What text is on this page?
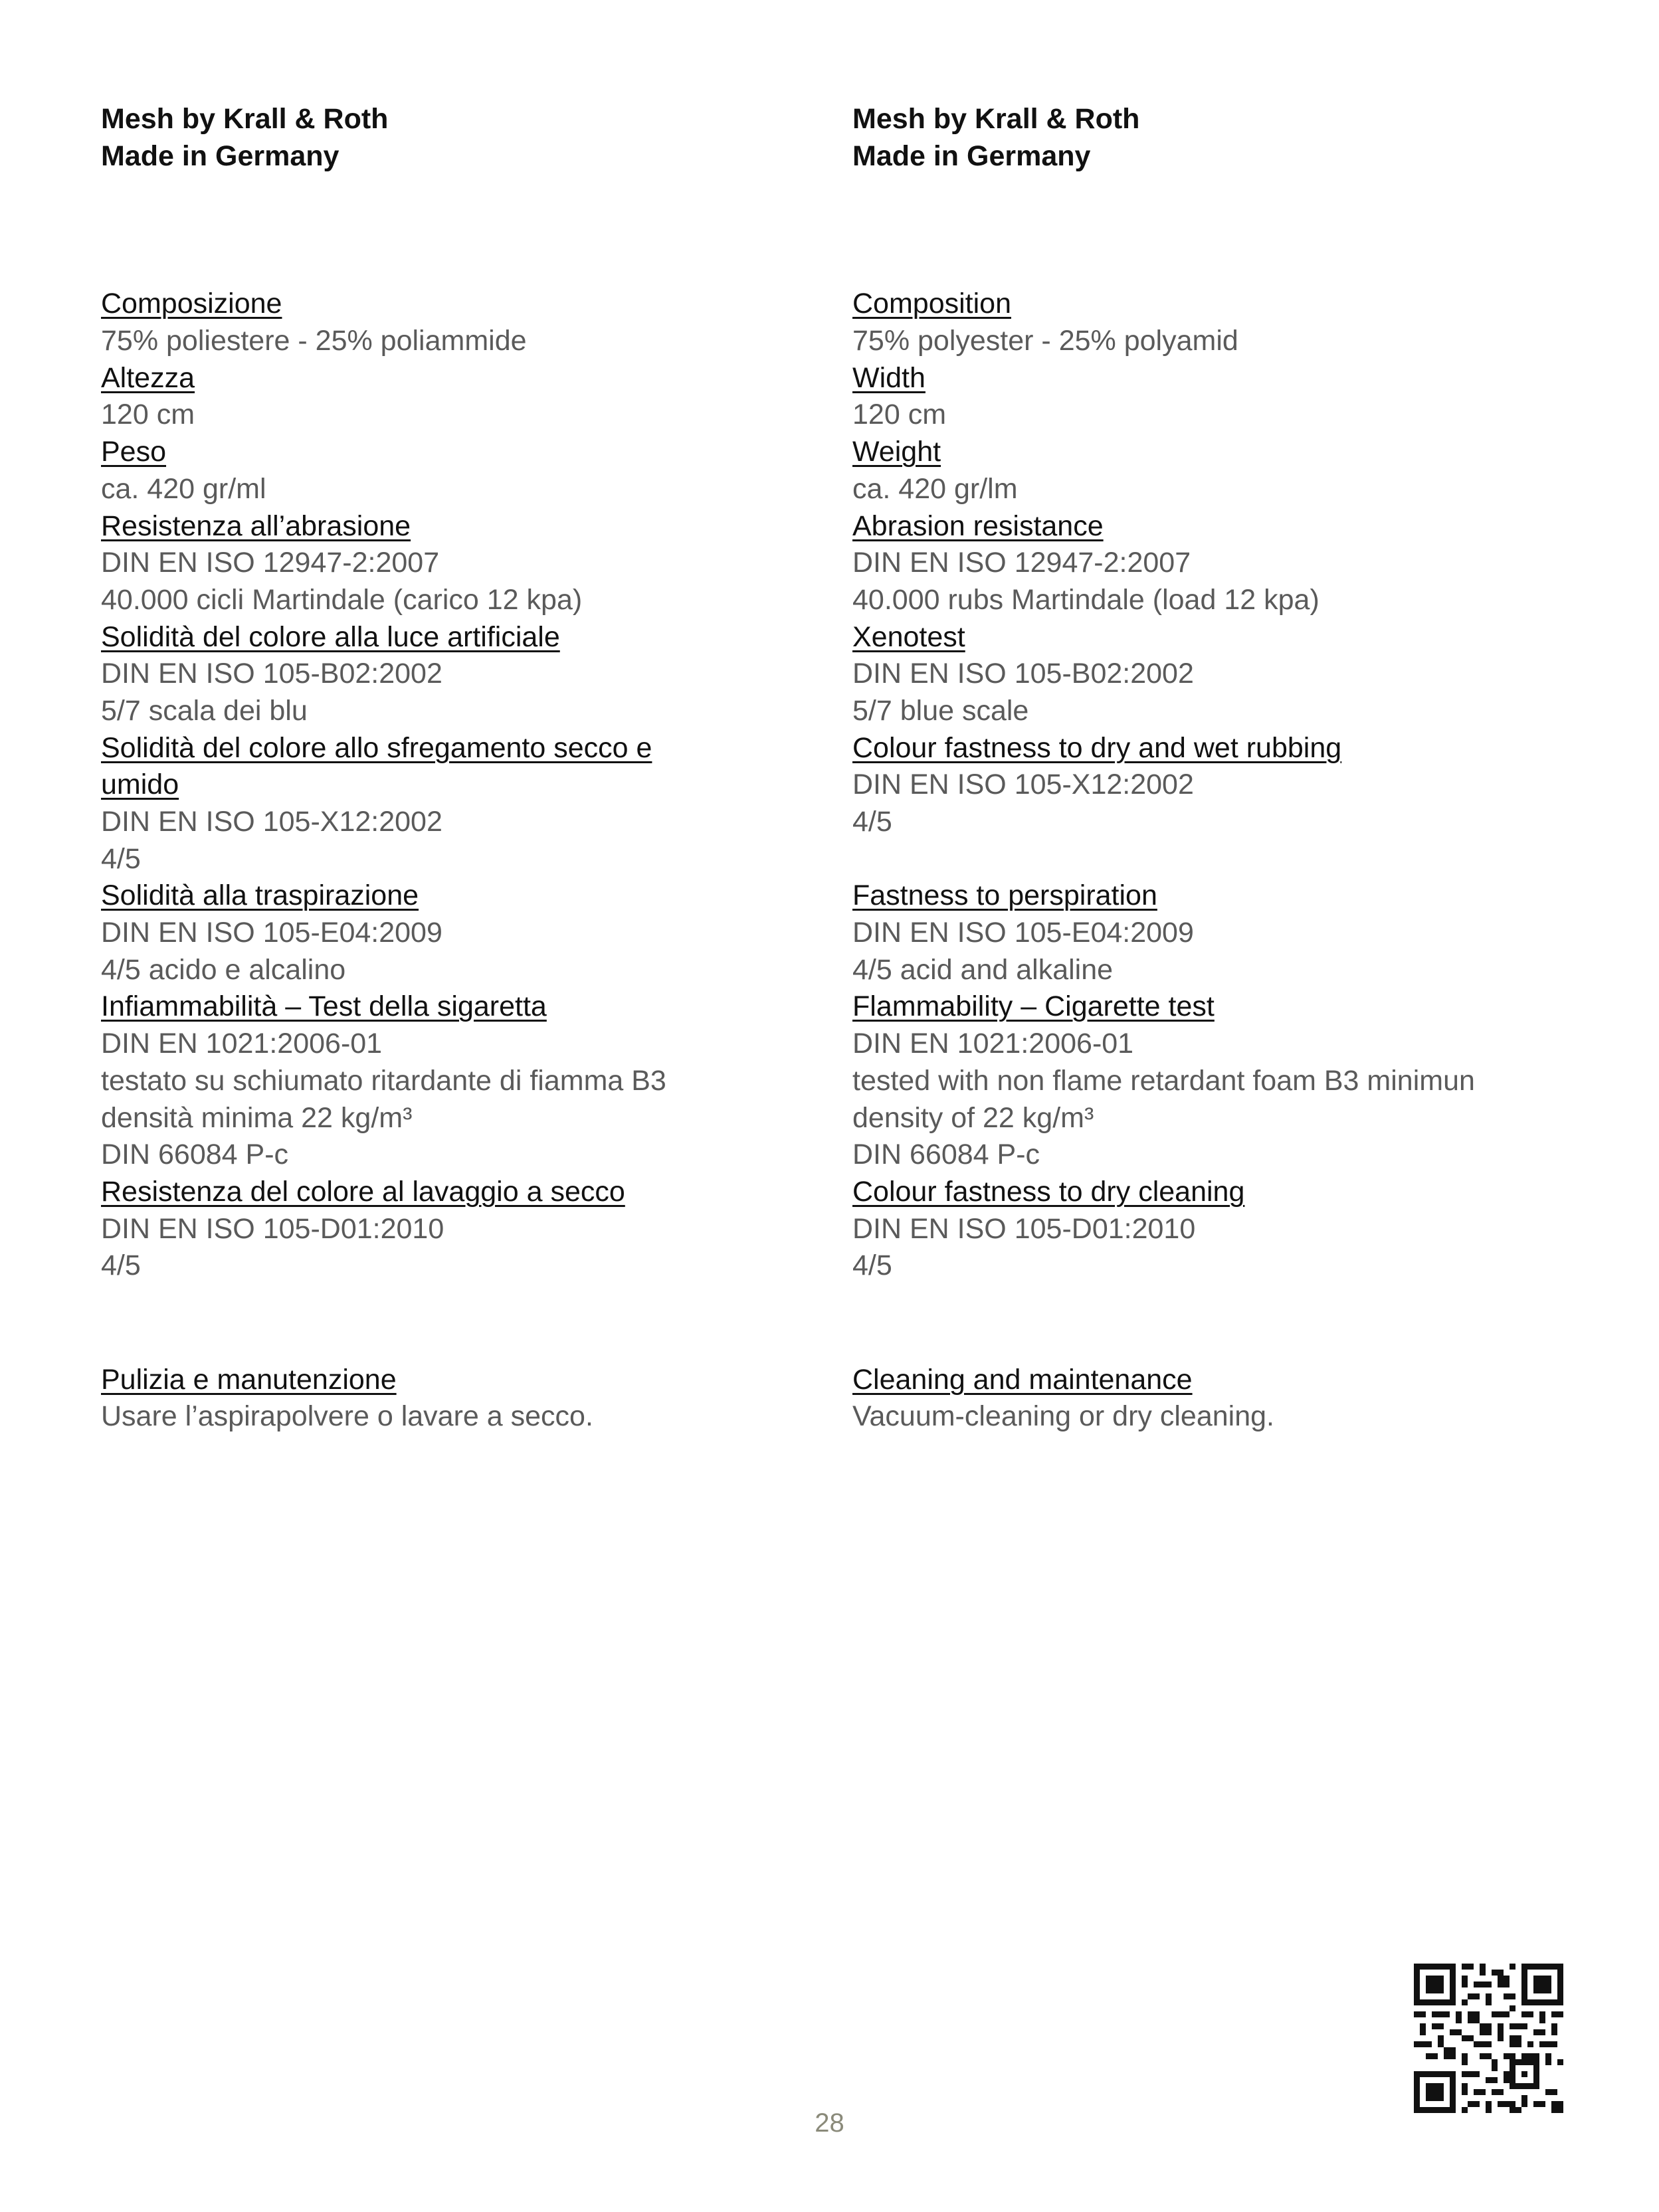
Mesh by Krall & Roth
Made in Germany
Composizione
75% poliestere - 25% poliammide
Altezza
120 cm
Peso
ca. 420 gr/ml
Resistenza all’abrasione
DIN EN ISO 12947-2:2007
40.000 cicli Martindale (carico 12 kpa)
Solidità del colore alla luce artificiale
DIN EN ISO 105-B02:2002
5/7 scala dei blu
Solidità del colore allo sfregamento secco e
umido
DIN EN ISO 105-X12:2002
4/5
Solidità alla traspirazione
DIN EN ISO 105-E04:2009
4/5 acido e alcalino
Infiammabilità – Test della sigaretta
DIN EN 1021:2006-01
testato su schiumato ritardante di fiamma B3
densità minima 22 kg/m³
DIN 66084 P-c
Resistenza del colore al lavaggio a secco
DIN EN ISO 105-D01:2010
4/5
Pulizia e manutenzione
Usare l’aspirapolvere o lavare a secco.
Mesh by Krall & Roth
Made in Germany
Composition
75% polyester - 25% polyamid
Width
120 cm
Weight
ca. 420 gr/lm
Abrasion resistance
DIN EN ISO 12947-2:2007
40.000 rubs Martindale (load 12 kpa)
Xenotest
DIN EN ISO 105-B02:2002
5/7 blue scale
Colour fastness to dry and wet rubbing
DIN EN ISO 105-X12:2002
4/5
Fastness to perspiration
DIN EN ISO 105-E04:2009
4/5 acid and alkaline
Flammability – Cigarette test
DIN EN 1021:2006-01
tested with non flame retardant foam B3 minimun
density of 22 kg/m³
DIN 66084 P-c
Colour fastness to dry cleaning
DIN EN ISO 105-D01:2010
4/5
Cleaning and maintenance
Vacuum-cleaning or dry cleaning.
28
